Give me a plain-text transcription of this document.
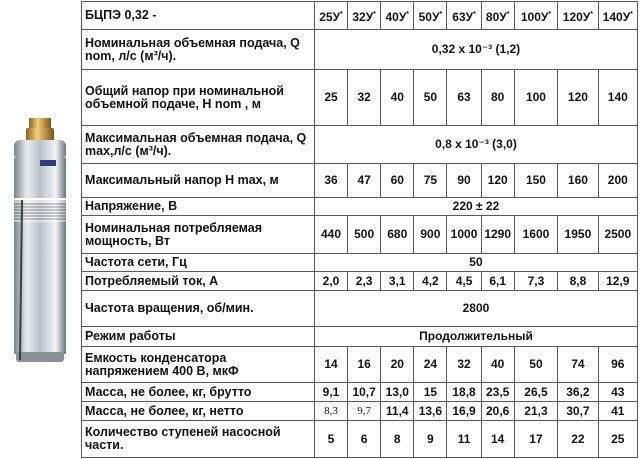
БЦПЭ 0,32 -	25У*	32У*	40У*	50У*	63У*	80У*	100У*	120У*	140У*
Номинальная объемная подача, Q nom, л/с (м³/ч).	0,32 x 10⁻³ (1,2)								
Общий напор при номинальной объемной подаче, H nom , м	25	32	40	50	63	80	100	120	140
Максимальная объемная подача, Q max,л/с (м³/ч).	0,8 x 10⁻³ (3,0)								
Максимальный напор H max, м	36	47	60	75	90	120	150	160	200
Напряжение, В	220 ± 22								
Номинальная потребляемая мощность, Вт	440	500	680	900	1000	1290	1600	1950	2500
Частота сети, Гц	50								
Потребляемый ток, А	2,0	2,3	3,1	4,2	4,5	6,1	7,3	8,8	12,9
Частота вращения, об/мин.	2800								
Режим работы	Продолжительный								
Емкость конденсатора напряжением 400 В, мкФ	14	16	20	24	32	40	50	74	96
Масса, не более, кг, брутто	9,1	10,7	13,0	15	18,8	23,5	26,5	36,2	43
Масса, не более, кг, нетто	8,3	9,7	11,4	13,6	16,9	20,6	21,3	30,7	41
Количество ступеней насосной части.	5	6	8	9	11	14	17	22	25
